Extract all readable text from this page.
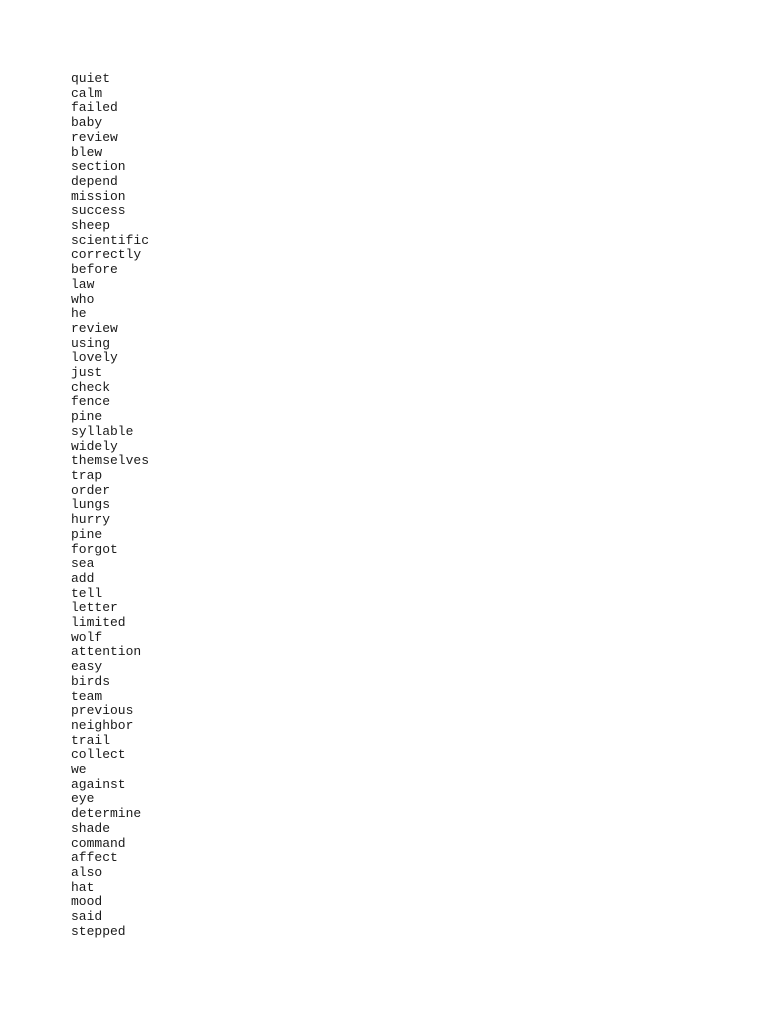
quiet
calm
failed
baby
review
blew
section
depend
mission
success
sheep
scientific
correctly
before
law
who
he
review
using
lovely
just
check
fence
pine
syllable
widely
themselves
trap
order
lungs
hurry
pine
forgot
sea
add
tell
letter
limited
wolf
attention
easy
birds
team
previous
neighbor
trail
collect
we
against
eye
determine
shade
command
affect
also
hat
mood
said
stepped
